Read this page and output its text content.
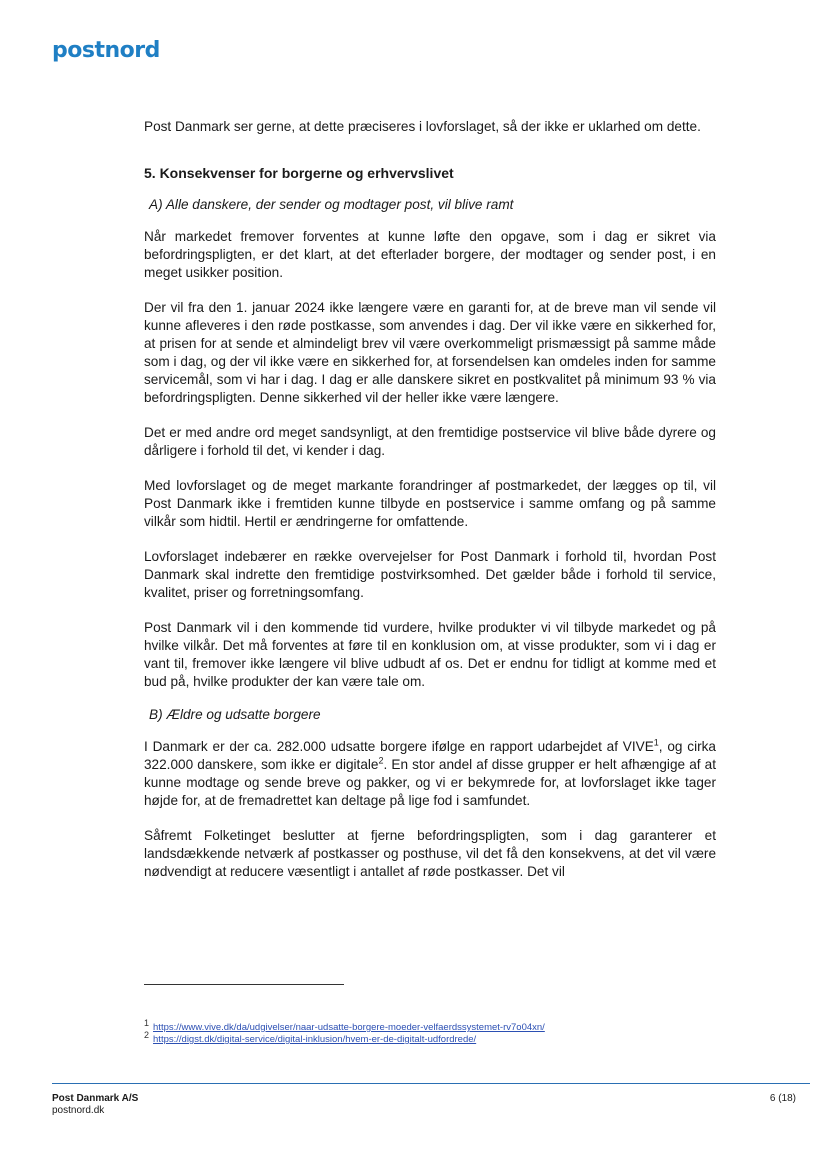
postnord

Post Danmark ser gerne, at dette præciseres i lovforslaget, så der ikke er uklarhed om dette.

5. Konsekvenser for borgerne og erhvervslivet
A) Alle danskere, der sender og modtager post, vil blive ramt

Når markedet fremover forventes at kunne løfte den opgave, som i dag er sikret via befordringspligten, er det klart, at det efterlader borgere, der modtager og sender post, i en meget usikker position.

Der vil fra den 1. januar 2024 ikke længere være en garanti for, at de breve man vil sende vil kunne afleveres i den røde postkasse, som anvendes i dag. Der vil ikke være en sikkerhed for, at prisen for at sende et almindeligt brev vil være overkommeligt prismæssigt på samme måde som i dag, og der vil ikke være en sikkerhed for, at forsendelsen kan omdeles inden for samme servicemål, som vi har i dag. I dag er alle danskere sikret en postkvalitet på minimum 93 % via befordringspligten. Denne sikkerhed vil der heller ikke være længere.

Det er med andre ord meget sandsynligt, at den fremtidige postservice vil blive både dyrere og dårligere i forhold til det, vi kender i dag.

Med lovforslaget og de meget markante forandringer af postmarkedet, der lægges op til, vil Post Danmark ikke i fremtiden kunne tilbyde en postservice i samme omfang og på samme vilkår som hidtil. Hertil er ændringerne for omfattende.

Lovforslaget indebærer en række overvejelser for Post Danmark i forhold til, hvordan Post Danmark skal indrette den fremtidige postvirksomhed. Det gælder både i forhold til service, kvalitet, priser og forretningsomfang.

Post Danmark vil i den kommende tid vurdere, hvilke produkter vi vil tilbyde markedet og på hvilke vilkår. Det må forventes at føre til en konklusion om, at visse produkter, som vi i dag er vant til, fremover ikke længere vil blive udbudt af os. Det er endnu for tidligt at komme med et bud på, hvilke produkter der kan være tale om.

B) Ældre og udsatte borgere

I Danmark er der ca. 282.000 udsatte borgere ifølge en rapport udarbejdet af VIVE$^1$, og cirka 322.000 danskere, som ikke er digitale$^2$. En stor andel af disse grupper er helt afhængige af at kunne modtage og sende breve og pakker, og vi er bekymrede for, at lovforslaget ikke tager højde for, at de fremadrettet kan deltage på lige fod i samfundet.

Såfremt Folketinget beslutter at fjerne befordringspligten, som i dag garanterer et landsdækkende netværk af postkasser og posthuse, vil det få den konsekvens, at det vil være nødvendigt at reducere væsentligt i antallet af røde postkasser. Det vil

$^1$ https://www.vive.dk/da/udgivelser/naar-udsatte-borgere-moeder-velfaerdssystemet-rv7o04xn/
$^2$ https://digst.dk/digital-service/digital-inklusion/hvem-er-de-digitalt-udfordrede/
Post Danmark A/S
postnord.dk
6 (18)
